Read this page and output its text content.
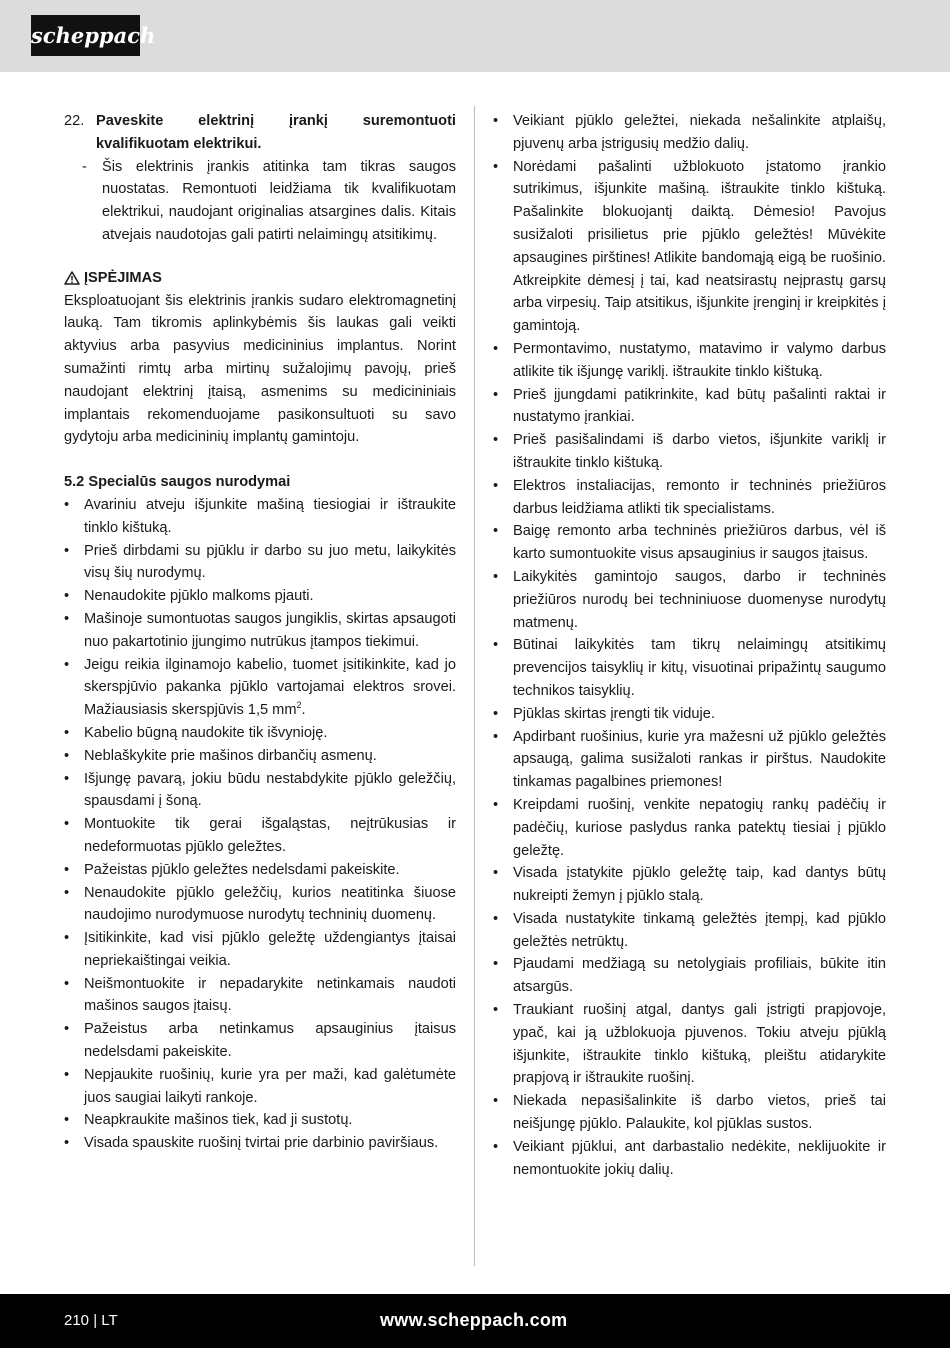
scheppach
22. Paveskite elektrinį įrankį suremontuoti kvalifikuotam elektrikui.
-	Šis elektrinis įrankis atitinka tam tikras saugos nuostatas. Remontuoti leidžiama tik kvalifikuotam elektrikui, naudojant originalias atsargines dalis. Kitais atvejais naudotojas gali patirti nelaimingų atsitikimų.
ĮSPĖJIMAS

Eksploatuojant šis elektrinis įrankis sudaro elektromagnetinį lauką. Tam tikromis aplinkybėmis šis laukas gali veikti aktyvius arba pasyvius medicininius implantus. Norint sumažinti rimtų arba mirtinų sužalojimų pavojų, prieš naudojant elektrinį įtaisą, asmenims su medicininiais implantais rekomenduojame pasikonsultuoti su savo gydytoju arba medicininių implantų gamintoju.

5.2 Specialūs saugos nurodymai
•	Avariniu atveju išjunkite mašiną tiesiogiai ir ištraukite tinklo kištuką.
•	Prieš dirbdami su pjūklu ir darbo su juo metu, laikykitės visų šių nurodymų.
•	Nenaudokite pjūklo malkoms pjauti.
•	Mašinoje sumontuotas saugos jungiklis, skirtas apsaugoti nuo pakartotinio įjungimo nutrūkus įtampos tiekimui.
•	Jeigu reikia ilginamojo kabelio, tuomet įsitikinkite, kad jo skerspjūvio pakanka pjūklo vartojamai elektros srovei. Mažiausiasis skerspjūvis 1,5 $mm^2$.
•	Kabelio būgną naudokite tik išvynioję.
•	Neblaškykite prie mašinos dirbančių asmenų.
•	Išjungę pavarą, jokiu būdu nestabdykite pjūklo geležčių, spausdami į šoną.
•	Montuokite tik gerai išgaląstas, neįtrūkusias ir nedeformuotas pjūklo geležtes.
•	Pažeistas pjūklo geležtes nedelsdami pakeiskite.
•	Nenaudokite pjūklo geležčių, kurios neatitinka šiuose naudojimo nurodymuose nurodytų techninių duomenų.
•	Įsitikinkite, kad visi pjūklo geležtę uždengiantys įtaisai nepriekaištingai veikia.
•	Neišmontuokite ir nepadarykite netinkamais naudoti mašinos saugos įtaisų.
•	Pažeistus arba netinkamus apsauginius įtaisus nedelsdami pakeiskite.
•	Nepjaukite ruošinių, kurie yra per maži, kad galėtumėte juos saugiai laikyti rankoje.
•	Neapkraukite mašinos tiek, kad ji sustotų.
•	Visada spauskite ruošinį tvirtai prie darbinio paviršiaus.
•	Veikiant pjūklo geležtei, niekada nešalinkite atplaišų, pjuvenų arba įstrigusių medžio dalių.
•	Norėdami pašalinti užblokuoto įstatomo įrankio sutrikimus, išjunkite mašiną. ištraukite tinklo kištuką. Pašalinkite blokuojantį daiktą. Dėmesio! Pavojus susižaloti prisilietus prie pjūklo geležtės! Mūvėkite apsaugines pirštines! Atlikite bandomąją eigą be ruošinio. Atkreipkite dėmesį į tai, kad neatsirastų neįprastų garsų arba virpesių. Taip atsitikus, išjunkite įrenginį ir kreipkitės į gamintoją.
•	Permontavimo, nustatymo, matavimo ir valymo darbus atlikite tik išjungę variklį. ištraukite tinklo kištuką.
•	Prieš įjungdami patikrinkite, kad būtų pašalinti raktai ir nustatymo įrankiai.
•	Prieš pasišalindami iš darbo vietos, išjunkite variklį ir ištraukite tinklo kištuką.
•	Elektros instaliacijas, remonto ir techninės priežiūros darbus leidžiama atlikti tik specialistams.
•	Baigę remonto arba techninės priežiūros darbus, vėl iš karto sumontuokite visus apsauginius ir saugos įtaisus.
•	Laikykitės gamintojo saugos, darbo ir techninės priežiūros nurodų bei techniniuose duomenyse nurodytų matmenų.
•	Būtinai laikykitės tam tikrų nelaimingų atsitikimų prevencijos taisyklių ir kitų, visuotinai pripažintų saugumo technikos taisyklių.
•	Pjūklas skirtas įrengti tik viduje.
•	Apdirbant ruošinius, kurie yra mažesni už pjūklo geležtės apsaugą, galima susižaloti rankas ir pirštus. Naudokite tinkamas pagalbines priemones!
•	Kreipdami ruošinį, venkite nepatogių rankų padėčių ir padėčių, kuriose paslydus ranka patektų tiesiai į pjūklo geležtę.
•	Visada įstatykite pjūklo geležtę taip, kad dantys būtų nukreipti žemyn į pjūklo stalą.
•	Visada nustatykite tinkamą geležtės įtempį, kad pjūklo geležtės netrūktų.
•	Pjaudami medžiagą su netolygiais profiliais, būkite itin atsargūs.
•	Traukiant ruošinį atgal, dantys gali įstrigti prapjovoje, ypač, kai ją užblokuoja pjuvenos. Tokiu atveju pjūklą išjunkite, ištraukite tinklo kištuką, pleištu atidarykite prapjovą ir ištraukite ruošinį.
•	Niekada nepasišalinkite iš darbo vietos, prieš tai neišjungę pjūklo. Palaukite, kol pjūklas sustos.
•	Veikiant pjūklui, ant darbastalio nedėkite, neklijuokite ir nemontuokite jokių dalių.
210 | LT	www.scheppach.com
